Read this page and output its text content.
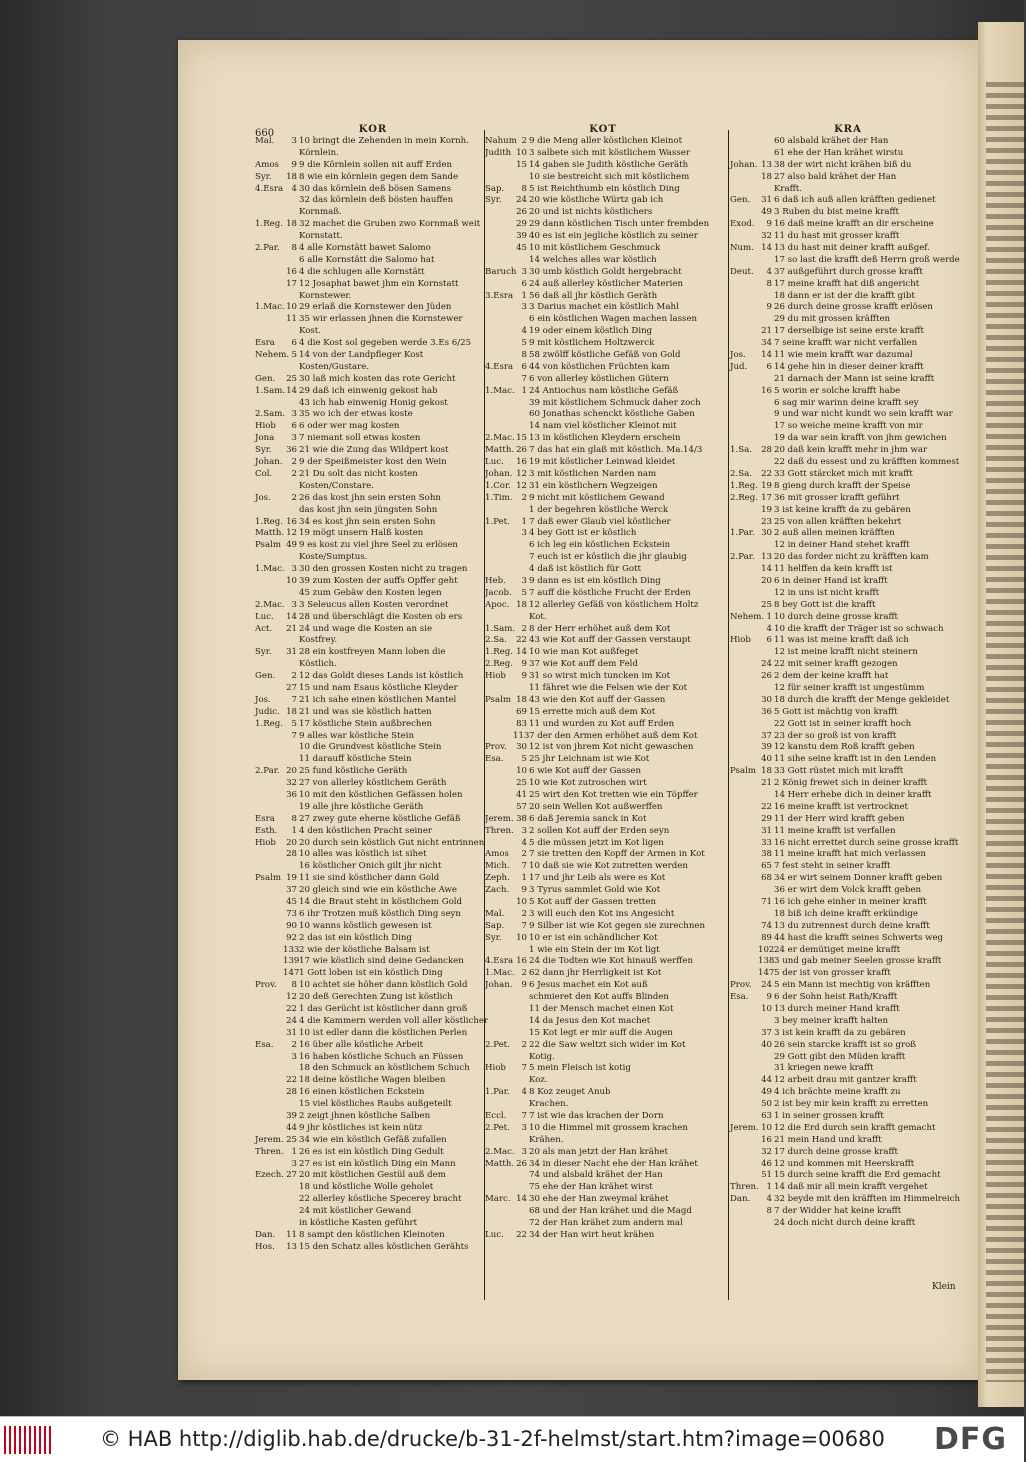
660	KOR
Mal.	3 10 bringt die Zehenden in mein Kornh.
Körnlein.
Amos	9 9 die Körnlein sollen nit auff Erden
Syr.	18 8 wie ein körnlein gegen dem Sande
4.Esra 4 30 das körnlein deß bösen Samens
32 das körnlein deß bösten hauffen
Kornmaß.
1.Reg. 18 32 machet die Gruben zwo Kornmaß weit
Kornstatt.
2.Par.	8 4 alle Kornstätt bawet Salomo
6 alle Kornstätt die Salomo hat
16 4 die schlugen alle Kornstätt
17 12 Josaphat bawet jhm ein Kornstatt
Kornstewer.
1.Mac. 10 29 erlaß die Kornstewer den Jüden
11 35 wir erlassen jhnen die Kornstewer
Kost.
Esra	6 4 die Kost sol gegeben werde 3.Es 6/25
Nehem. 5 14 von der Landpfleger Kost
Kosten/Gustare.
Gen.	25 30 laß mich kosten das rote Gericht
1.Sam. 14 29 daß ich einwenig gekost hab
43 ich hab einwenig Honig gekost
2.Sam. 3 35 wo ich der etwas koste
Hiob	6 6 oder wer mag kosten
Jona	3 7 niemant soll etwas kosten
Syr.	36 21 wie die Zung das Wildpert kost
Johan.	2 9 der Speißmeister kost den Wein
Col.	2 21 Du solt das nicht kosten
Kosten/Constare.
Jos.	2 26 das kost jhn sein ersten Sohn
das kost jhn sein jüngsten Sohn
1.Reg. 16 34 es kost jhn sein ersten Sohn
Matth. 12 19 mögt unsern Halß kosten
Psalm 49 9 es kost zu viel jhre Seel zu erlösen
Koste/Sumptus.
1.Mac. 3 30 den grossen Kosten nicht zu tragen
10 39 zum Kosten der auffs Opffer geht
45 zum Gebäw den Kosten legen
2.Mac. 3 3 Seleucus allen Kosten verordnet
Luc.	14 28 und überschlägt die Kosten ob ers
Act.	21 24 und wage die Kosten an sie
Kostfrey.
Syr.	31 28 ein kostfreyen Mann loben die
Köstlich.
Gen.	2 12 das Goldt dieses Lands ist köstlich
27 15 und nam Esaus köstliche Kleyder
Jos.	7 21 ich sahe einen köstlichen Mantel
Judic. 18 21 und was sie köstlich hatten
1.Reg. 5 17 köstliche Stein außbrechen
7 9 alles war köstliche Stein
10 die Grundvest köstliche Stein
11 darauff köstliche Stein
2.Par. 20 25 fund köstliche Geräth
32 27 von allerley köstlichem Geräth
36 10 mit den köstlichen Gefässen holen
19 alle jhre köstliche Geräth
Esra	8 27 zwey gute eherne köstliche Gefäß
Esth.	1 4 den köstlichen Pracht seiner
Hiob	20 20 durch sein köstlich Gut nicht entrinnen
28 10 alles was köstlich ist sihet
16 köstlicher Onich gilt jhr nicht
Psalm 19 11 sie sind köstlicher dann Gold
37 20 gleich sind wie ein köstliche Awe
45 14 die Braut steht in köstlichem Gold
73 6 ihr Trotzen muß köstlich Ding seyn
90 10 wanns köstlich gewesen ist
92 2 das ist ein köstlich Ding
133 2 wie der köstliche Balsam ist
139 17 wie köstlich sind deine Gedancken
147 1 Gott loben ist ein köstlich Ding
Prov.	8 10 achtet sie höher dann köstlich Gold
12 20 deß Gerechten Zung ist köstlich
22 1 das Gerücht ist köstlicher dann groß
24 4 die Kammern werden voll aller köstlicher
31 10 ist edler dann die köstlichen Perlen
Esa.	2 16 über alle köstliche Arbeit
3 16 haben köstliche Schuch an Füssen
18 den Schmuck an köstlichem Schuch
22 18 deine köstliche Wagen bleiben
28 16 einen köstlichen Eckstein
15 viel köstliches Raubs außgeteilt
39 2 zeigt jhnen köstliche Salben
44 9 jhr köstliches ist kein nütz
Jerem. 25 34 wie ein köstlich Gefäß zufallen
Thren. 1 26 es ist ein köstlich Ding Gedult
3 27 es ist ein köstlich Ding ein Mann
Ezech. 27 20 mit köstlichen Gestül auß dem
18 und köstliche Wolle geholet
22 allerley köstliche Specerey bracht
24 mit köstlicher Gewand
in köstliche Kasten geführt
Dan.	11 8 sampt den köstlichen Kleinoten
Hos.	13 15 den Schatz alles köstlichen Gerähts
KOT
Nahum 2 9 die Meng aller köstlichen Kleinot
Judith 10 3 salbete sich mit köstlichem Wasser
15 14 gaben sie Judith köstliche Geräth
10 sie bestreicht sich mit köstlichem
Sap.	8 5 ist Reichthumb ein köstlich Ding
Syr.	24 20 wie köstliche Würtz gab ich
26 20 und ist nichts köstlichers
29 29 dann köstlichen Tisch unter frembden
39 40 es ist ein jegliche köstlich zu seiner
45 10 mit köstlichem Geschmuck
14 welches alles war köstlich
Baruch 3 30 umb köstlich Goldt hergebracht
6 24 auß allerley köstlicher Materien
3.Esra 1 56 daß all jhr köstlich Geräth
3 3 Darius machet ein köstlich Mahl
6 ein köstlichen Wagen machen lassen
4 19 oder einem köstlich Ding
5 9 mit köstlichem Holtzwerck
8 58 zwölff köstliche Gefäß von Gold
4.Esra 6 44 von köstlichen Früchten kam
7 6 von allerley köstlichen Gütern
1.Mac. 1 24 Antiochus nam köstliche Gefäß
39 mit köstlichem Schmuck daher zoch
60 Jonathas schenckt köstliche Gaben
14 nam viel köstlicher Kleinot mit
2.Mac. 15 13 in köstlichen Kleydern erschein
Matth. 26 7 das hat ein glaß mit köstlich. Ma.14/3
Luc.	16 19 mit köstlicher Leinwad kleidet
Johan. 12 3 mit köstlichen Narden nam
1.Cor. 12 31 ein köstlichern Wegzeigen
1.Tim.	2 9 nicht mit köstlichem Gewand
1 der begehren köstliche Werck
1.Pet.	1 7 daß ewer Glaub viel köstlicher
3 4 bey Gott ist er köstlich
6 ich leg ein köstlichen Eckstein
7 euch ist er köstlich die jhr glaubig
4 daß ist köstlich für Gott
Heb.	3 9 dann es ist ein köstlich Ding
Jacob.	5 7 auff die köstliche Frucht der Erden
Apoc. 18 12 allerley Gefäß von köstlichem Holtz
Kot.
1.Sam. 2 8 der Herr erhöhet auß dem Kot
2.Sa.	22 43 wie Kot auff der Gassen verstaupt
1.Reg. 14 10 wie man Kot außfeget
2.Reg. 9 37 wie Kot auff dem Feld
Hiob	9 31 so wirst mich tuncken im Kot
11 fähret wie die Felsen wie der Kot
Psalm 18 43 wie den Kot auff der Gassen
69 15 errette mich auß dem Kot
83 11 und wurden zu Kot auff Erden
113 7 der den Armen erhöhet auß dem Kot
Prov.	30 12 ist von jhrem Kot nicht gewaschen
Esa.	5 25 jhr Leichnam ist wie Kot
10 6 wie Kot auff der Gassen
25 10 wie Kot zutroschen wirt
41 25 wirt den Kot tretten wie ein Töpffer
57 20 sein Wellen Kot außwerffen
Jerem. 38 6 daß Jeremia sanck in Kot
Thren. 3 2 sollen Kot auff der Erden seyn
4 5 die müssen jetzt im Kot ligen
Amos	2 7 sie tretten den Kopff der Armen in Kot
Mich.	7 10 daß sie wie Kot zutretten werden
Zeph.	1 17 und jhr Leib als were es Kot
Zach.	9 3 Tyrus sammlet Gold wie Kot
10 5 Kot auff der Gassen tretten
Mal.	2 3 will euch den Kot ins Angesicht
Sap.	7 9 Silber ist wie Kot gegen sie zurechnen
Syr.	10 10 er ist ein schändlicher Kot
1 wie ein Stein der im Kot ligt
4.Esra 16 24 die Todten wie Kot hinauß werffen
1.Mac. 2 62 dann jhr Herrligkeit ist Kot
Johan.	9 6 Jesus machet ein Kot auß
schmieret den Kot auffs Blinden
11 der Mensch machet einen Kot
14 da Jesus den Kot machet
15 Kot legt er mir auff die Augen
2.Pet.	2 22 die Saw weltzt sich wider im Kot
Kotig.
Hiob	7 5 mein Fleisch ist kotig
Koz.
1.Par.	4 8 Koz zeuget Anub
Krachen.
Eccl.	7 7 ist wie das krachen der Dorn
2.Pet.	3 10 die Himmel mit grossem krachen
Krähen.
2.Mac. 3 20 als man jetzt der Han krähet
Matth. 26 34 in dieser Nacht ehe der Han krähet
74 und alsbald krähet der Han
75 ehe der Han krähet wirst
Marc. 14 30 ehe der Han zweymal krähet
68 und der Han krähet und die Magd
72 der Han krähet zum andern mal
Luc.	22 34 der Han wirt heut krähen
KRA
60 alsbald krähet der Han
61 ehe der Han krähet wirstu
Johan. 13 38 der wirt nicht krähen biß du
18 27 also bald krähet der Han
Krafft.
Gen.	31 6 daß ich auß allen kräfften gedienet
49 3 Ruben du bist meine krafft
Exod.	9 16 daß meine krafft an dir erscheine
32 11 du hast mit grosser krafft
Num. 14 13 du hast mit deiner krafft außgef.
17 so last die krafft deß Herrn groß werde
Deut.	4 37 außgeführt durch grosse krafft
8 17 meine krafft hat diß angericht
18 dann er ist der die krafft gibt
9 26 durch deine grosse krafft erlösen
29 du mit grossen kräfften
21 17 derselbige ist seine erste krafft
34 7 seine krafft war nicht verfallen
Jos.	14 11 wie mein krafft war dazumal
Jud.	6 14 gehe hin in dieser deiner krafft
21 darnach der Mann ist seine krafft
16 5 worin er solche krafft habe
6 sag mir warinn deine krafft sey
9 und war nicht kundt wo sein krafft war
17 so weiche meine krafft von mir
19 da war sein krafft von jhm gewichen
1.Sa.	28 20 daß kein krafft mehr in jhm war
22 daß du essest und zu kräfften kommest
2.Sa.	22 33 Gott stärcket mich mit krafft
1.Reg. 19 8 gieng durch krafft der Speise
2.Reg. 17 36 mit grosser krafft geführt
19 3 ist keine krafft da zu gebären
23 25 von allen kräfften bekehrt
1.Par. 30 2 auß allen meinen kräfften
12 in deiner Hand stehet krafft
2.Par. 13 20 das forder nicht zu kräfften kam
14 11 helffen da kein krafft ist
20 6 in deiner Hand ist krafft
12 in uns ist nicht krafft
25 8 bey Gott ist die krafft
Nehem. 1 10 durch deine grosse krafft
4 10 die krafft der Träger ist so schwach
Hiob	6 11 was ist meine krafft daß ich
12 ist meine krafft nicht steinern
24 22 mit seiner krafft gezogen
26 2 dem der keine krafft hat
12 für seiner krafft ist ungestümm
30 18 durch die krafft der Menge gekleidet
36 5 Gott ist mächtig von krafft
22 Gott ist in seiner krafft hoch
37 23 der so groß ist von krafft
39 12 kanstu dem Roß krafft geben
40 11 sihe seine krafft ist in den Lenden
Psalm 18 33 Gott rüstet mich mit krafft
21 2 König frewet sich in deiner krafft
14 Herr erhebe dich in deiner krafft
22 16 meine krafft ist vertrocknet
29 11 der Herr wird krafft geben
31 11 meine krafft ist verfallen
33 16 nicht errettet durch seine grosse krafft
38 11 meine krafft hat mich verlassen
65 7 fest steht in seiner krafft
68 34 er wirt seinem Donner krafft geben
36 er wirt dem Volck krafft geben
71 16 ich gehe einher in meiner krafft
18 biß ich deine krafft erkündige
74 13 du zutrennest durch deine krafft
89 44 hast die krafft seines Schwerts weg
102 24 er demütiget meine krafft
138 3 und gab meiner Seelen grosse krafft
147 5 der ist von grosser krafft
Prov.	24 5 ein Mann ist mechtig von kräfften
Esa.	9 6 der Sohn heist Rath/Krafft
10 13 durch meiner Hand krafft
3 bey meiner krafft halten
37 3 ist kein krafft da zu gebären
40 26 sein starcke krafft ist so groß
29 Gott gibt den Müden krafft
31 kriegen newe krafft
44 12 arbeit drau mit gantzer krafft
49 4 ich brächte meine krafft zu
50 2 ist bey mir kein krafft zu erretten
63 1 in seiner grossen krafft
Jerem. 10 12 die Erd durch sein krafft gemacht
16 21 mein Hand und krafft
32 17 durch deine grosse krafft
46 12 und kommen mit Heerskrafft
51 15 durch seine krafft die Erd gemacht
Thren. 1 14 daß mir all mein krafft vergehet
Dan.	4 32 beyde mit den kräfften im Himmelreich
8 7 der Widder hat keine krafft
24 doch nicht durch deine krafft
Klein
© HAB http://diglib.hab.de/drucke/b-31-2f-helmst/start.htm?image=00680 DFG
